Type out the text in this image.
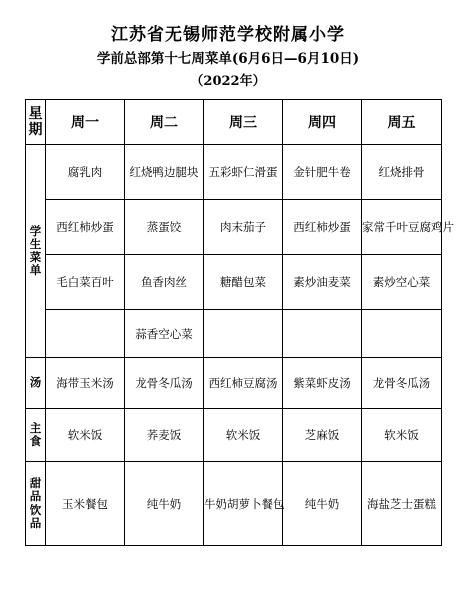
江苏省无锡师范学校附属小学
学前总部第十七周菜单(6月6日—6月10日)
（2022年）
星
期	周一	周二	周三	周四	周五

学
生
菜
单	腐乳肉	红烧鸭边腿块	五彩虾仁滑蛋	金针肥牛卷	红烧排骨
	西红柿炒蛋	蒸蛋饺	肉末茄子	西红柿炒蛋	家常千叶豆腐鸡片
	毛白菜百叶	鱼香肉丝	糖醋包菜	素炒油麦菜	素炒空心菜
		蒜香空心菜			

汤	海带玉米汤	龙骨冬瓜汤	西红柿豆腐汤	紫菜虾皮汤	龙骨冬瓜汤

主
食	软米饭	荞麦饭	软米饭	芝麻饭	软米饭

甜
品
饮
品	玉米餐包	纯牛奶	牛奶胡萝卜餐包	纯牛奶	海盐芝士蛋糕
